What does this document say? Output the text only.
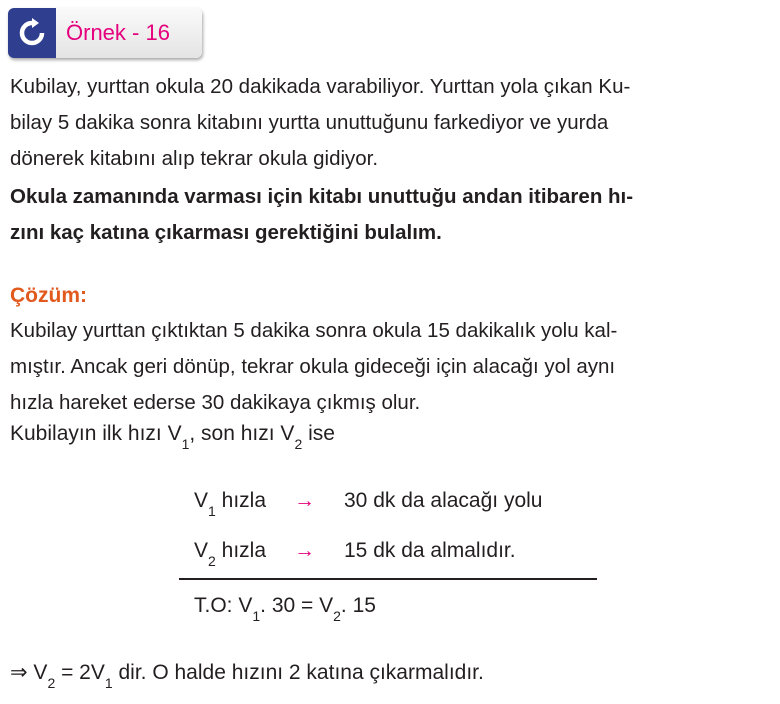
Örnek - 16

Kubilay, yurttan okula 20 dakikada varabiliyor. Yurttan yola çıkan Ku-
bilay 5 dakika sonra kitabını yurtta unuttuğunu farkediyor ve yurda
dönerek kitabını alıp tekrar okula gidiyor.

Okula zamanında varması için kitabı unuttuğu andan itibaren hı-
zını kaç katına çıkarması gerektiğini bulalım.

Çözüm:

Kubilay yurttan çıktıktan 5 dakika sonra okula 15 dakikalık yolu kal-
mıştır. Ancak geri dönüp, tekrar okula gideceği için alacağı yol aynı
hızla hareket ederse 30 dakikaya çıkmış olur.

Kubilayın ilk hızı $V_1$, son hızı $V_2$ ise
$V_1$ hızla → 30 dk da alacağı yolu
$V_2$ hızla → 15 dk da almalıdır.
T.O: $V_1$. $30 = V_2$. 15
⇒ $V_2 = 2V_1$ dir. O halde hızını 2 katına çıkarmalıdır.
